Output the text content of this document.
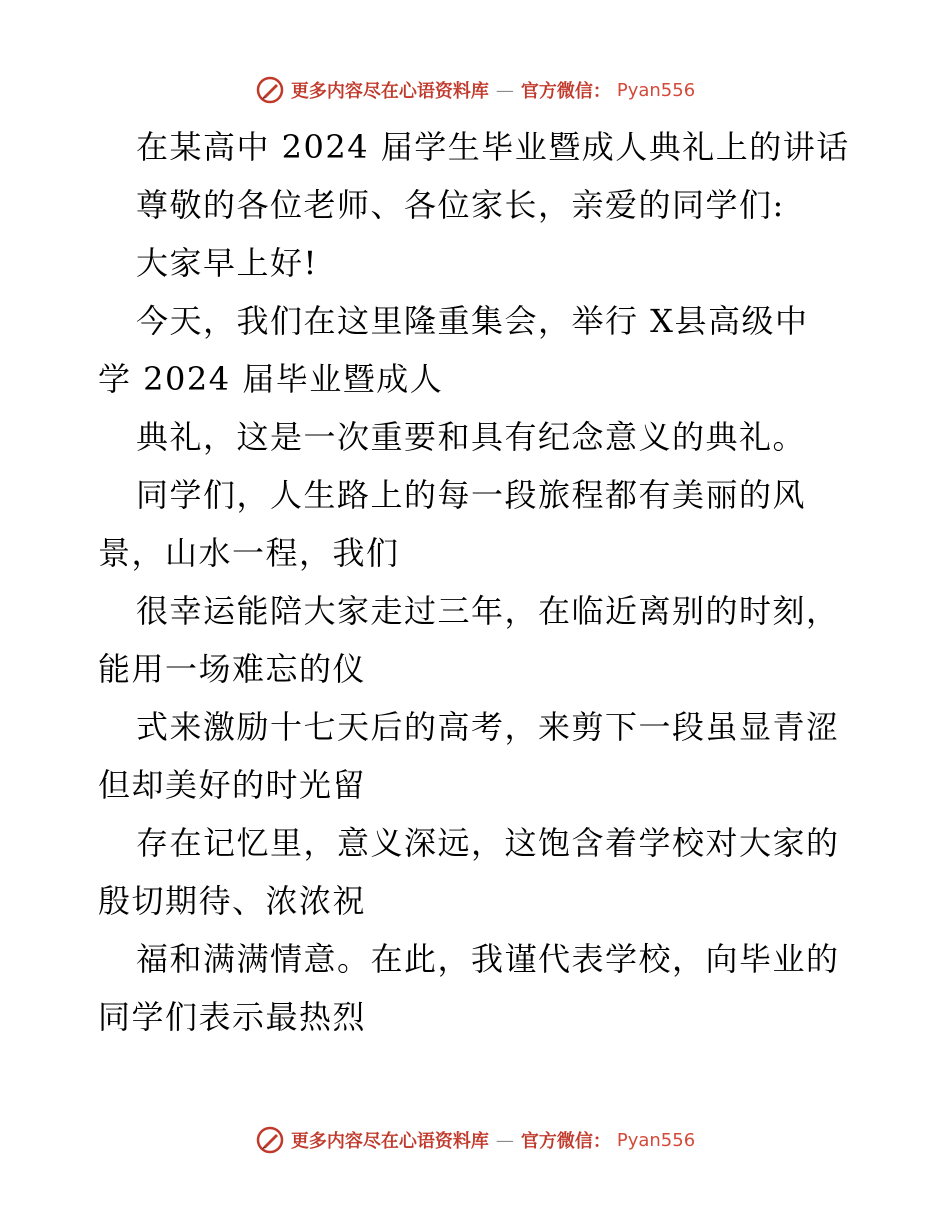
更多内容尽在心语资料库 — 官方微信： Pyan556
在某高中 2024 届学生毕业暨成人典礼上的讲话
尊敬的各位老师、各位家长，亲爱的同学们:
大家早上好!
今天，我们在这里隆重集会，举行 X县高级中
学 2024 届毕业暨成人
典礼，这是一次重要和具有纪念意义的典礼。
同学们，人生路上的每一段旅程都有美丽的风
景，山水一程，我们
很幸运能陪大家走过三年，在临近离别的时刻，
能用一场难忘的仪
式来激励十七天后的高考，来剪下一段虽显青涩
但却美好的时光留
存在记忆里，意义深远，这饱含着学校对大家的
殷切期待、浓浓祝
福和满满情意。在此，我谨代表学校，向毕业的
同学们表示最热烈
更多内容尽在心语资料库 — 官方微信： Pyan556
